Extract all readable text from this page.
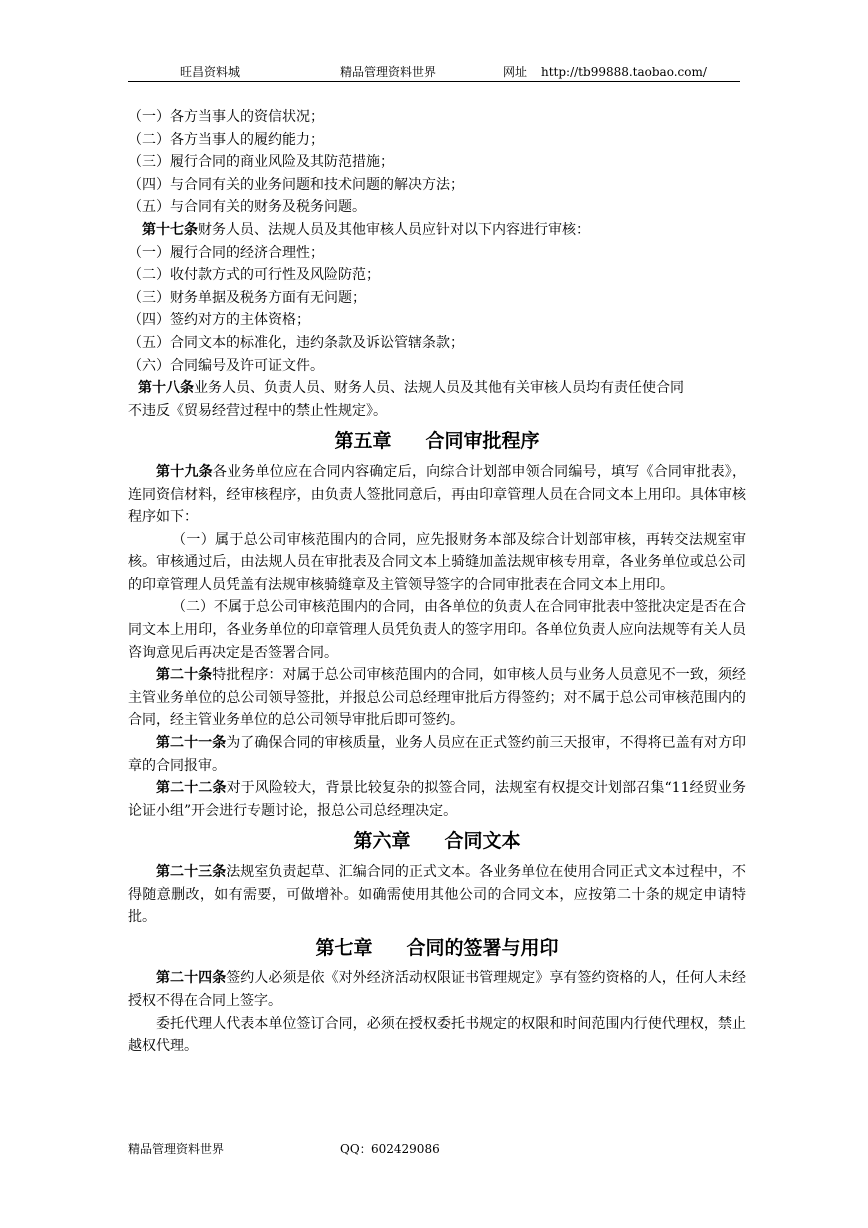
旺昌资料城	精品管理资料世界	网址 http://tb99888.taobao.com/
（一）各方当事人的资信状况；
（二）各方当事人的履约能力；
（三）履行合同的商业风险及其防范措施；
（四）与合同有关的业务问题和技术问题的解决方法；
（五）与合同有关的财务及税务问题。

第十七条财务人员、法规人员及其他审核人员应针对以下内容进行审核：

（一）履行合同的经济合理性；
（二）收付款方式的可行性及风险防范；
（三）财务单据及税务方面有无问题；
（四）签约对方的主体资格；
（五）合同文本的标准化，违约条款及诉讼管辖条款；
（六）合同编号及许可证文件。
第十八条业务人员、负责人员、财务人员、法规人员及其他有关审核人员均有责任使合同
不违反《贸易经营过程中的禁止性规定》。

第五章 合同审批程序

第十九条各业务单位应在合同内容确定后，向综合计划部申领合同编号，填写《合同审批表》，连同资信材料，经审核程序，由负责人签批同意后，再由印章管理人员在合同文本上用印。具体审核程序如下：

（一）属于总公司审核范围内的合同，应先报财务本部及综合计划部审核，再转交法规室审核。审核通过后，由法规人员在审批表及合同文本上骑缝加盖法规审核专用章，各业务单位或总公司的印章管理人员凭盖有法规审核骑缝章及主管领导签字的合同审批表在合同文本上用印。

（二）不属于总公司审核范围内的合同，由各单位的负责人在合同审批表中签批决定是否在合同文本上用印，各业务单位的印章管理人员凭负责人的签字用印。各单位负责人应向法规等有关人员咨询意见后再决定是否签署合同。

第二十条特批程序：对属于总公司审核范围内的合同，如审核人员与业务人员意见不一致，须经主管业务单位的总公司领导签批，并报总公司总经理审批后方得签约；对不属于总公司审核范围内的合同，经主管业务单位的总公司领导审批后即可签约。

第二十一条为了确保合同的审核质量，业务人员应在正式签约前三天报审，不得将已盖有对方印章的合同报审。

第二十二条对于风险较大，背景比较复杂的拟签合同，法规室有权提交计划部召集“11经贸业务论证小组”开会进行专题讨论，报总公司总经理决定。

第六章 合同文本

第二十三条法规室负责起草、汇编合同的正式文本。各业务单位在使用合同正式文本过程中，不得随意删改，如有需要，可做增补。如确需使用其他公司的合同文本，应按第二十条的规定申请特批。

第七章 合同的签署与用印

第二十四条签约人必须是依《对外经济活动权限证书管理规定》享有签约资格的人，任何人未经授权不得在合同上签字。

委托代理人代表本单位签订合同，必须在授权委托书规定的权限和时间范围内行使代理权，禁止越权代理。

精品管理资料世界	QQ： 602429086
